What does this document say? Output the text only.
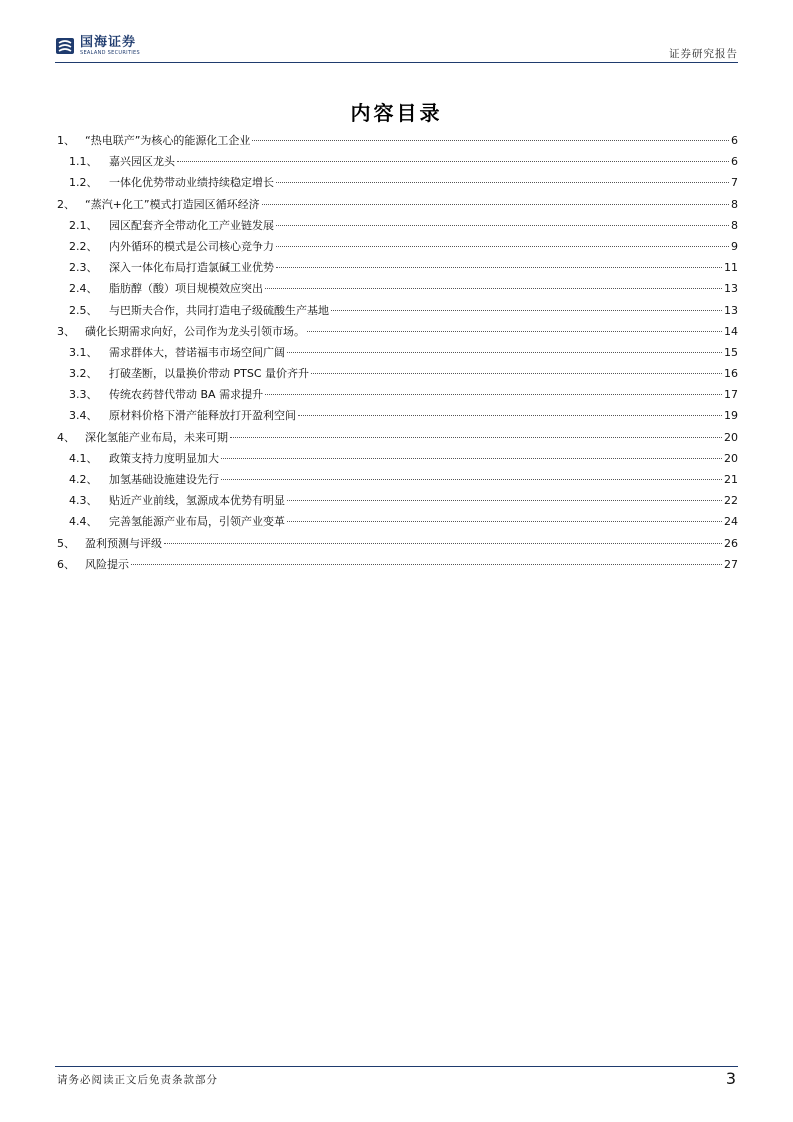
国海证券
SEALAND SECURITIES	证券研究报告
内容目录
1、 “热电联产”为核心的能源化工企业	6
1.1、 嘉兴园区龙头	6
1.2、 一体化优势带动业绩持续稳定增长	7
2、 “蒸汽+化工”模式打造园区循环经济	8
2.1、 园区配套齐全带动化工产业链发展	8
2.2、 内外循环的模式是公司核心竞争力	9
2.3、 深入一体化布局打造氯碱工业优势	11
2.4、 脂肪醇（酸）项目规模效应突出	13
2.5、 与巴斯夫合作，共同打造电子级硫酸生产基地	13
3、 磺化长期需求向好，公司作为龙头引领市场。	14
3.1、 需求群体大，替诺福韦市场空间广阔	15
3.2、 打破垄断，以量换价带动 PTSC 量价齐升	16
3.3、 传统农药替代带动 BA 需求提升	17
3.4、 原材料价格下滑产能释放打开盈利空间	19
4、 深化氢能产业布局，未来可期	20
4.1、 政策支持力度明显加大	20
4.2、 加氢基础设施建设先行	21
4.3、 贴近产业前线，氢源成本优势有明显	22
4.4、 完善氢能源产业布局，引领产业变革	24
5、 盈利预测与评级	26
6、 风险提示	27
请务必阅读正文后免责条款部分	3
